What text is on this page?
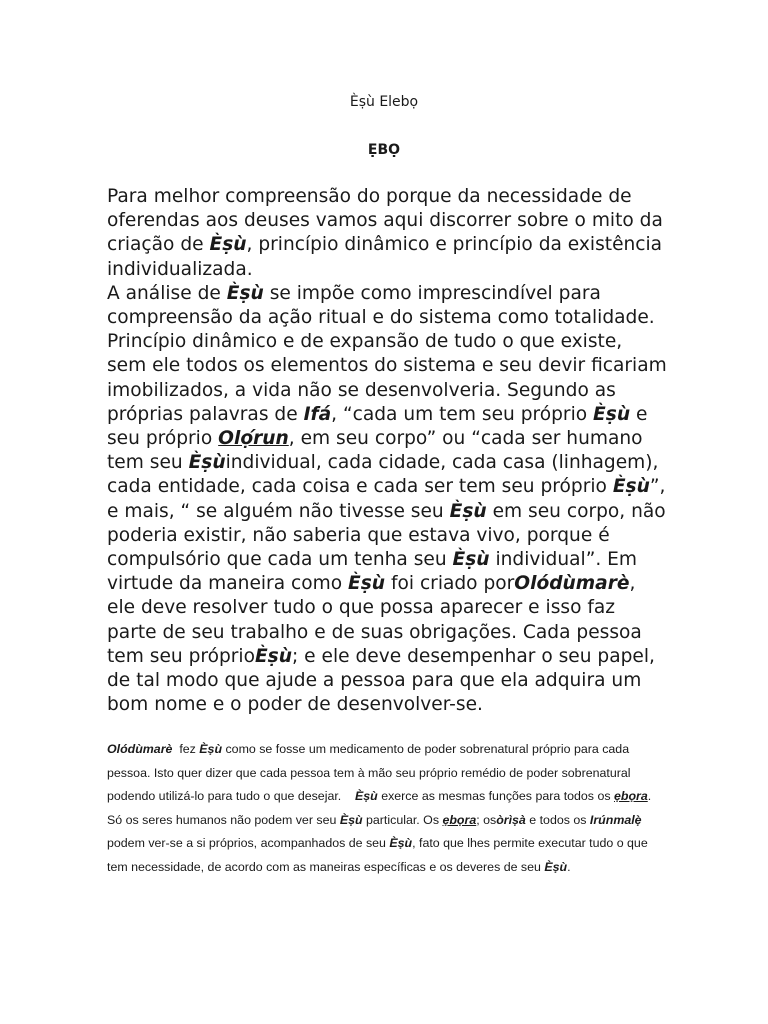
Èṣù Elebọ
ẸBỌ

Para melhor compreensão do porque da necessidade de oferendas aos deuses vamos aqui discorrer sobre o mito da criação de Èṣù, princípio dinâmico e princípio da existência individualizada.

A análise de Èṣù se impõe como imprescindível para compreensão da ação ritual e do sistema como totalidade. Princípio dinâmico e de expansão de tudo o que existe, sem ele todos os elementos do sistema e seu devir ficariam imobilizados, a vida não se desenvolveria. Segundo as próprias palavras de Ifá, “cada um tem seu próprio Èṣù e seu próprio Olọ́run, em seu corpo” ou “cada ser humano tem seu Èṣùindividual, cada cidade, cada casa (linhagem), cada entidade, cada coisa e cada ser tem seu próprio Èṣù”, e mais, “ se alguém não tivesse seu Èṣù em seu corpo, não poderia existir, não saberia que estava vivo, porque é compulsório que cada um tenha seu Èṣù individual”. Em virtude da maneira como Èṣù foi criado porOlódùmarè, ele deve resolver tudo o que possa aparecer e isso faz parte de seu trabalho e de suas obrigações. Cada pessoa tem seu próprioÈṣù; e ele deve desempenhar o seu papel, de tal modo que ajude a pessoa para que ela adquira um bom nome e o poder de desenvolver-se.

Olódùmarè fez Èṣù como se fosse um medicamento de poder sobrenatural próprio para cada pessoa. Isto quer dizer que cada pessoa tem à mão seu próprio remédio de poder sobrenatural podendo utilizá-lo para tudo o que desejar. Èṣù exerce as mesmas funções para todos os ẹbọra. Só os seres humanos não podem ver seu Èṣù particular. Os ẹbọra; osòrìṣà e todos os Irúnmalẹ̀ podem ver-se a si próprios, acompanhados de seu Èṣù, fato que lhes permite executar tudo o que tem necessidade, de acordo com as maneiras específicas e os deveres de seu Èṣù.
